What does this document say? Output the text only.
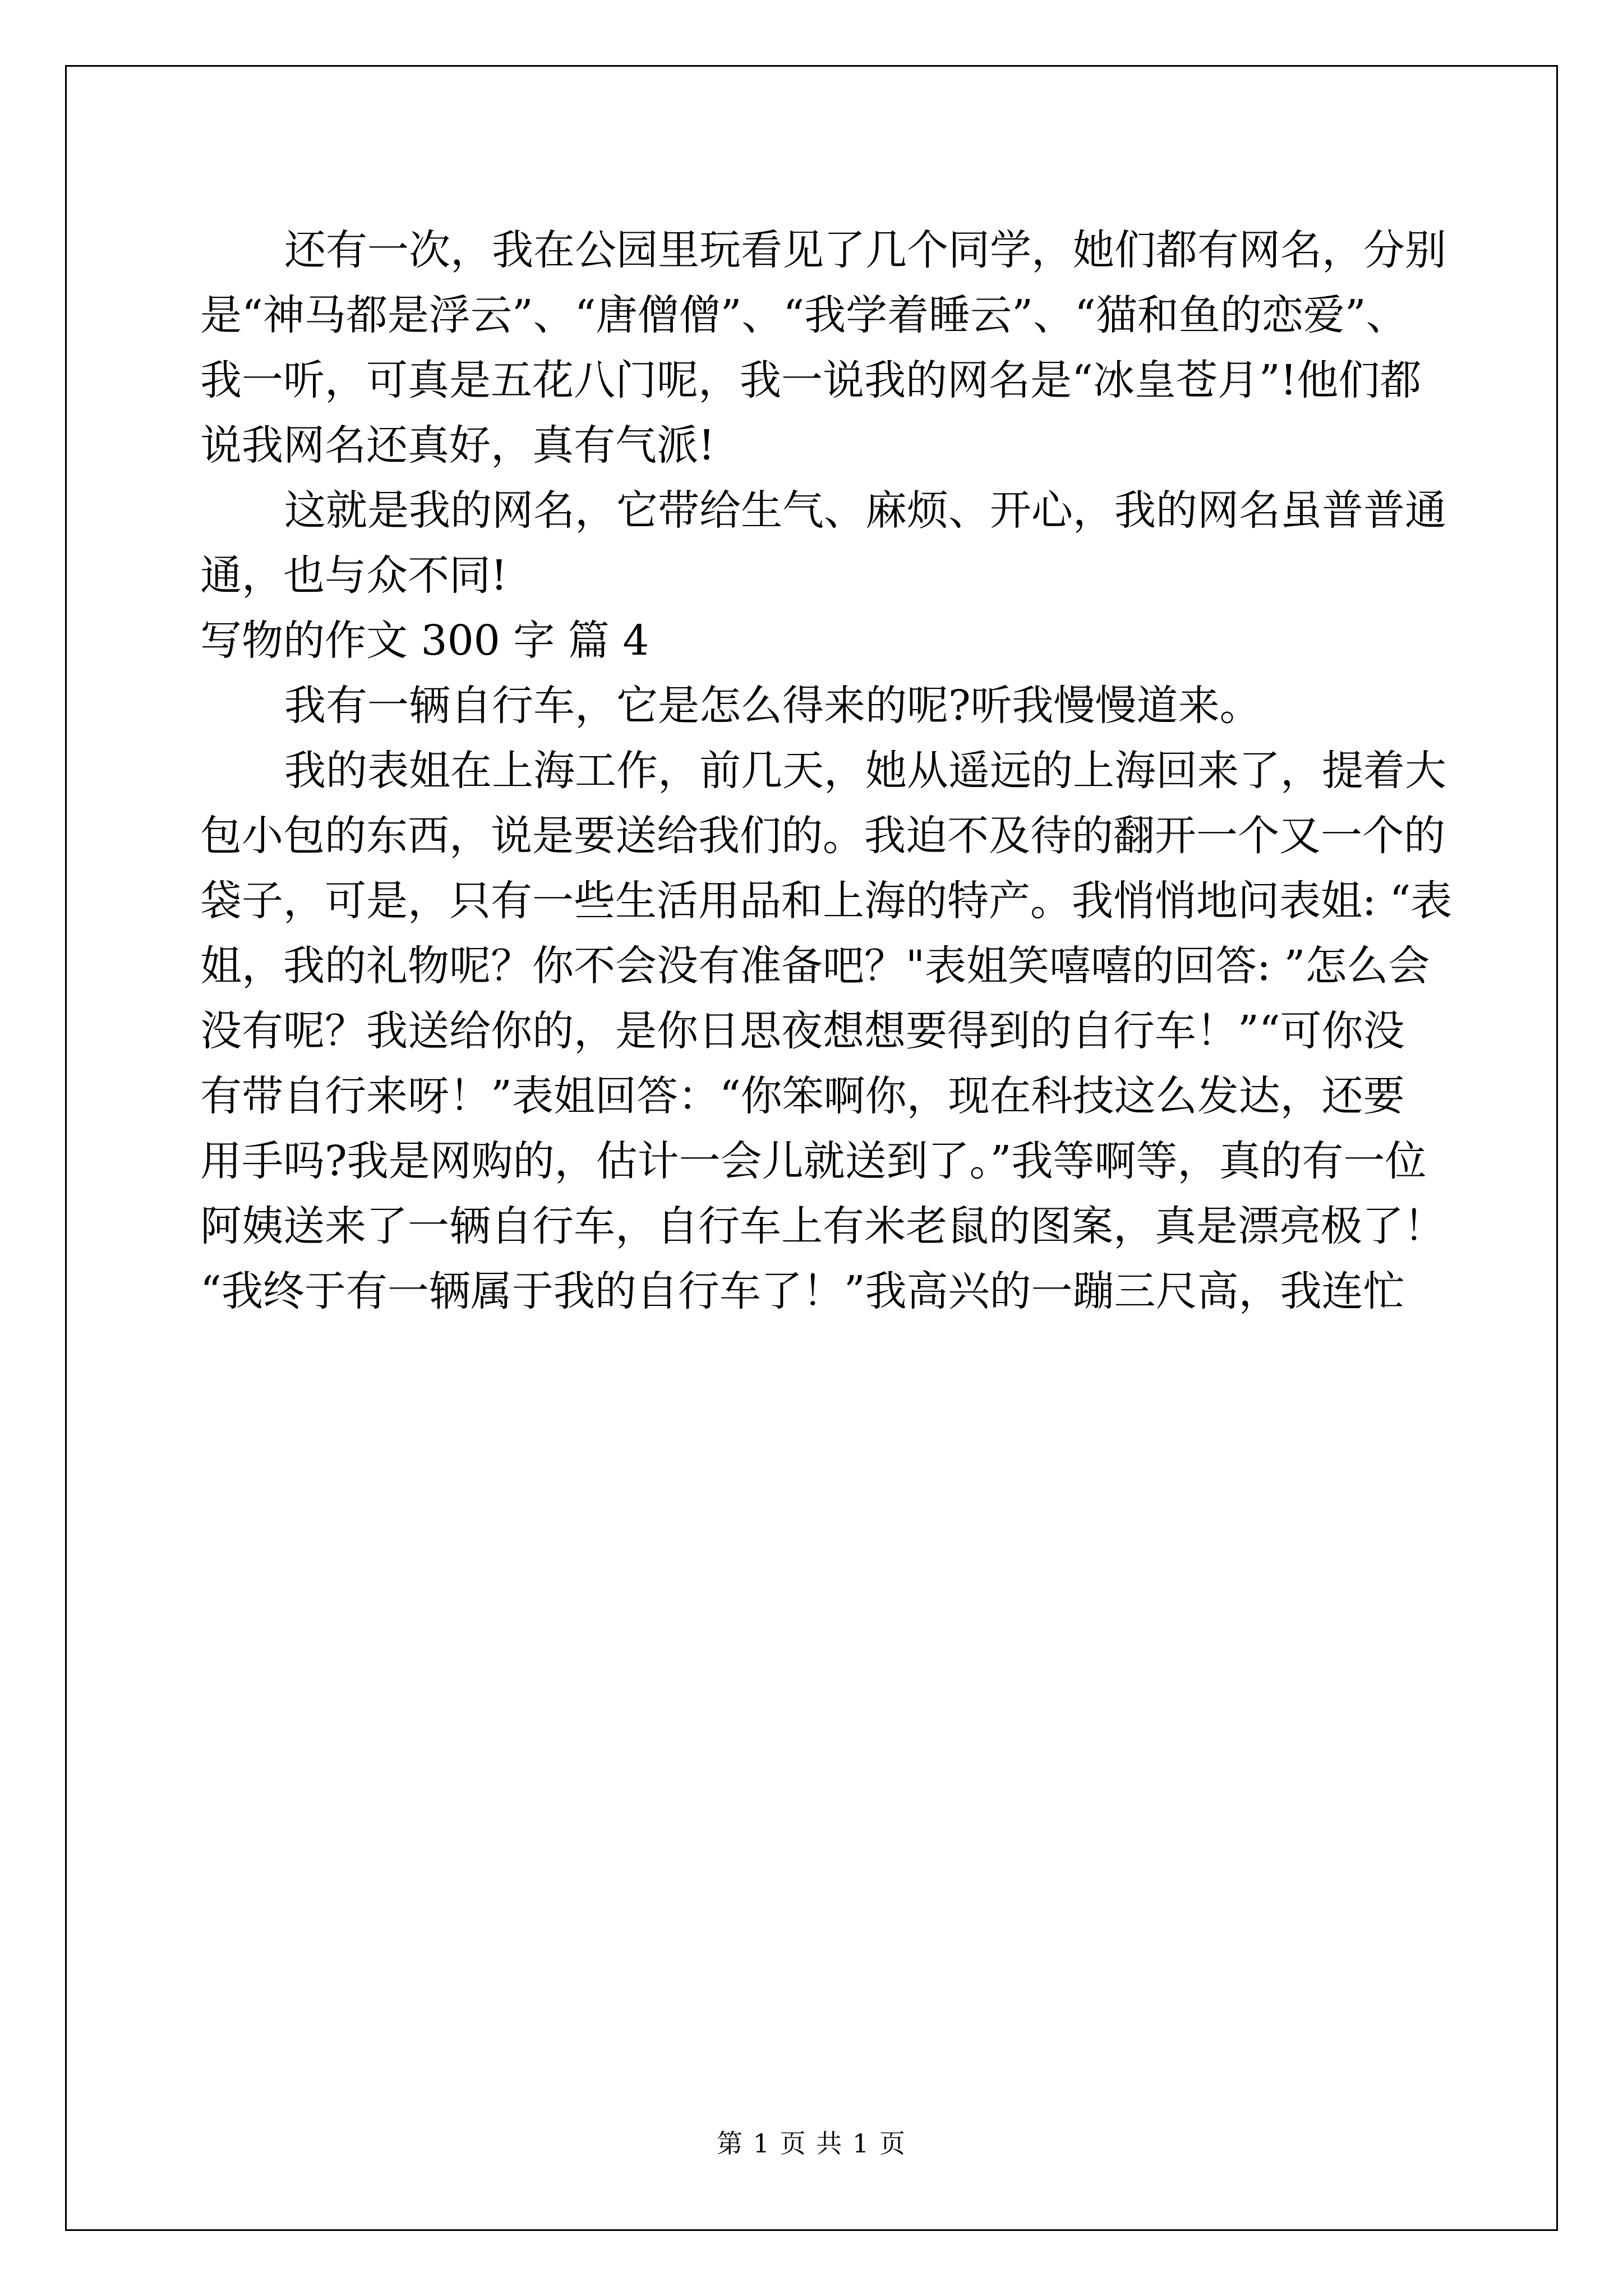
还有一次，我在公园里玩看见了几个同学，她们都有网名，分别
是“神马都是浮云”、“唐僧僧”、“我学着睡云”、“猫和鱼的恋爱”、
我一听，可真是五花八门呢，我一说我的网名是“冰皇苍月”!他们都
说我网名还真好，真有气派!
这就是我的网名，它带给生气、麻烦、开心，我的网名虽普普通
通，也与众不同!
写物的作文 300 字 篇 4
我有一辆自行车，它是怎么得来的呢?听我慢慢道来。
我的表姐在上海工作，前几天，她从遥远的上海回来了，提着大
包小包的东西，说是要送给我们的。我迫不及待的翻开一个又一个的
袋子，可是，只有一些生活用品和上海的特产。我悄悄地问表姐: “表
姐，我的礼物呢？你不会没有准备吧？"表姐笑嘻嘻的回答: ”怎么会
没有呢？我送给你的，是你日思夜想想要得到的自行车！”“可你没
有带自行来呀！”表姐回答：“你笨啊你，现在科技这么发达，还要
用手吗?我是网购的，估计一会儿就送到了。”我等啊等，真的有一位
阿姨送来了一辆自行车，自行车上有米老鼠的图案，真是漂亮极了！
“我终于有一辆属于我的自行车了！”我高兴的一蹦三尺高，我连忙
第 1 页 共 1 页
